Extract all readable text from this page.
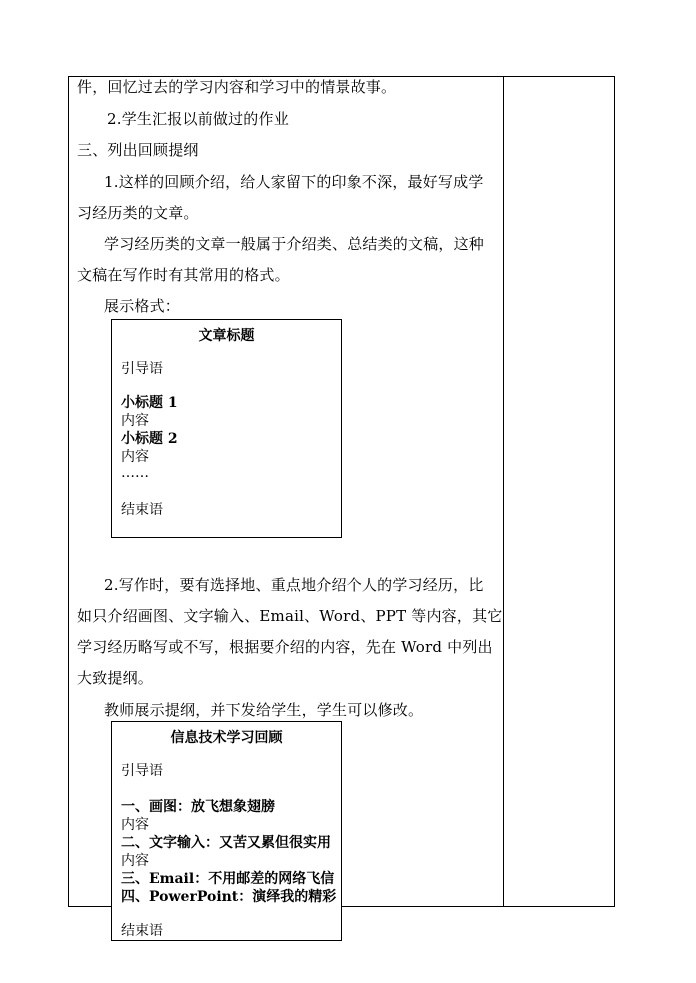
件，回忆过去的学习内容和学习中的情景故事。
2.学生汇报以前做过的作业
三、列出回顾提纲
1.这样的回顾介绍，给人家留下的印象不深，最好写成学
习经历类的文章。
学习经历类的文章一般属于介绍类、总结类的文稿，这种
文稿在写作时有其常用的格式。
展示格式：
文章标题
引导语
小标题 1
内容
小标题 2
内容
……
结束语
2.写作时，要有选择地、重点地介绍个人的学习经历，比
如只介绍画图、文字输入、Email、Word、PPT 等内容，其它
学习经历略写或不写，根据要介绍的内容，先在 Word 中列出
大致提纲。
教师展示提纲，并下发给学生，学生可以修改。
信息技术学习回顾
引导语
一、画图：放飞想象翅膀
内容
二、文字输入：又苦又累但很实用
内容
三、Email：不用邮差的网络飞信
四、PowerPoint：演绎我的精彩
结束语
